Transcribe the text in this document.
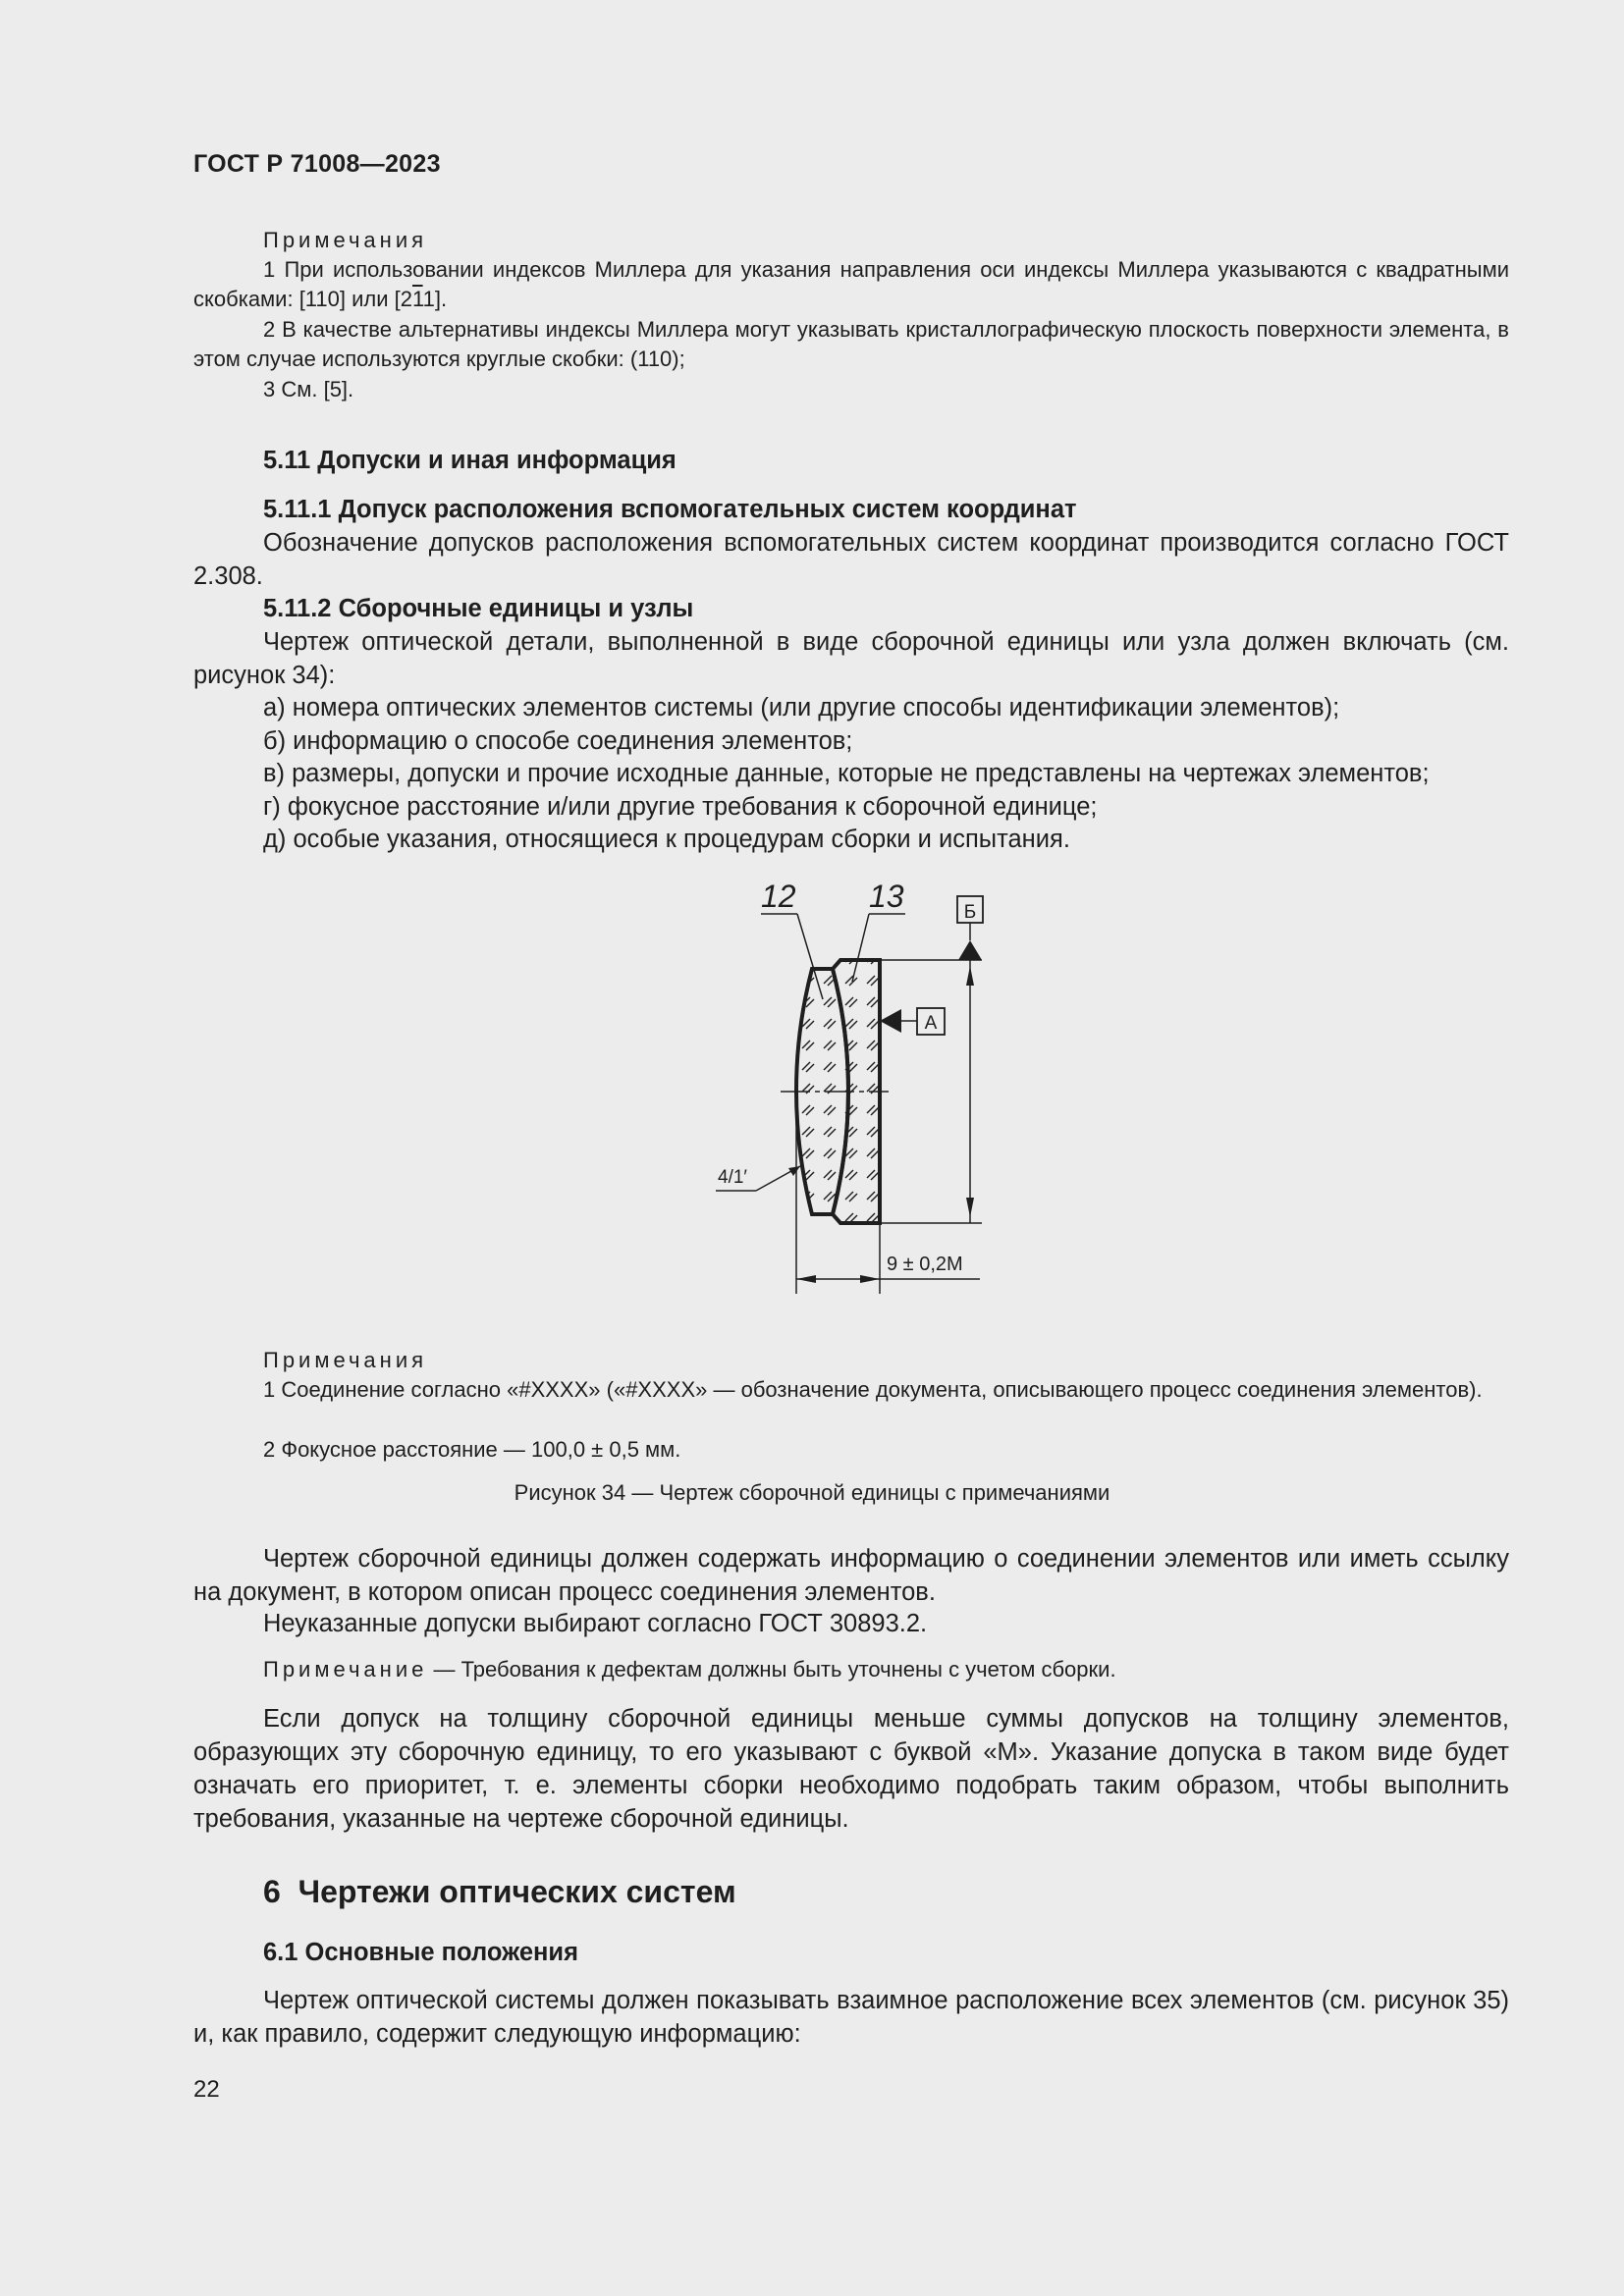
ГОСТ Р 71008—2023
Примечания
1 При использовании индексов Миллера для указания направления оси индексы Миллера указываются с квадратными скобками: [110] или [211].
2 В качестве альтернативы индексы Миллера могут указывать кристаллографическую плоскость поверхности элемента, в этом случае используются круглые скобки: (110);
3 См. [5].
5.11 Допуски и иная информация
5.11.1 Допуск расположения вспомогательных систем координат
Обозначение допусков расположения вспомогательных систем координат производится согласно ГОСТ 2.308.
5.11.2 Сборочные единицы и узлы
Чертеж оптической детали, выполненной в виде сборочной единицы или узла должен включать (см. рисунок 34):
а) номера оптических элементов системы (или другие способы идентификации элементов);
б) информацию о способе соединения элементов;
в) размеры, допуски и прочие исходные данные, которые не представлены на чертежах элементов;
г) фокусное расстояние и/или другие требования к сборочной единице;
д) особые указания, относящиеся к процедурам сборки и испытания.
Б
А
12 13
4/1′
9 ± 0,2М
Примечания
1 Соединение согласно «#XXXX» («#XXXX» — обозначение документа, описывающего процесс соединения элементов).
2 Фокусное расстояние — 100,0 ± 0,5 мм.
Рисунок 34 — Чертеж сборочной единицы с примечаниями
Чертеж сборочной единицы должен содержать информацию о соединении элементов или иметь ссылку на документ, в котором описан процесс соединения элементов.
Неуказанные допуски выбирают согласно ГОСТ 30893.2.
Примечание — Требования к дефектам должны быть уточнены с учетом сборки.
Если допуск на толщину сборочной единицы меньше суммы допусков на толщину элементов, образующих эту сборочную единицу, то его указывают с буквой «М». Указание допуска в таком виде будет означать его приоритет, т. е. элементы сборки необходимо подобрать таким образом, чтобы выполнить требования, указанные на чертеже сборочной единицы.
6  Чертежи оптических систем
6.1 Основные положения
Чертеж оптической системы должен показывать взаимное расположение всех элементов (см. рисунок 35) и, как правило, содержит следующую информацию:
22
